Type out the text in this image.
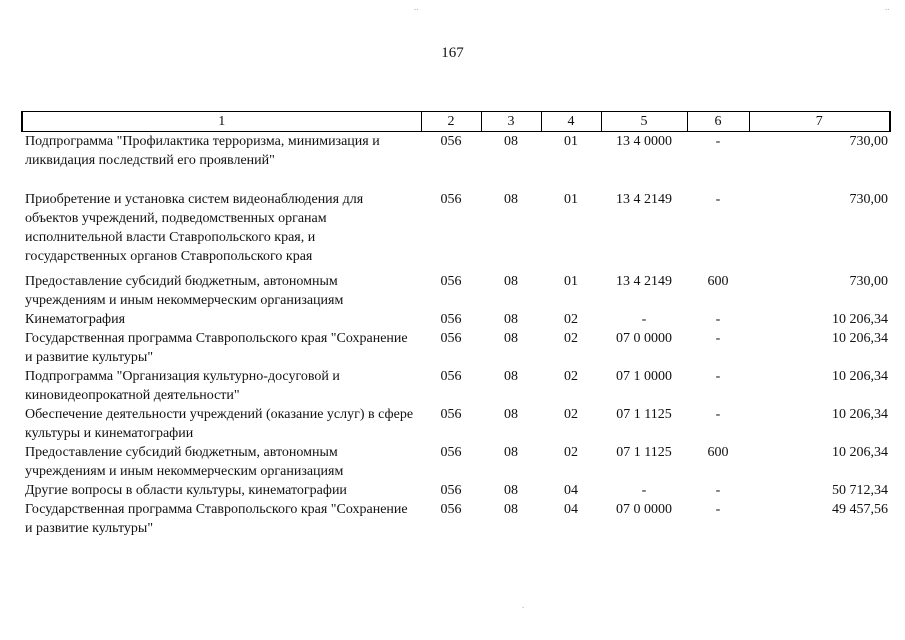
..	..
.
167
1	2	3	4	5	6	7
Подпрограмма "Профилактика терроризма, минимизация и ликвидация последствий его проявлений"	056	08	01	13 4 0000	-	730,00
Приобретение и установка систем видеонаблюдения для объектов учреждений, подведомственных органам исполнительной власти Ставропольского края, и государственных органов Ставропольского края	056	08	01	13 4 2149	-	730,00
Предоставление субсидий бюджетным, автономным учреждениям и иным некоммерческим организациям	056	08	01	13 4 2149	600	730,00
Кинематография	056	08	02	-	-	10 206,34
Государственная программа Ставропольского края "Сохранение и развитие культуры"	056	08	02	07 0 0000	-	10 206,34
Подпрограмма "Организация культурно-досуговой и киновидеопрокатной деятельности"	056	08	02	07 1 0000	-	10 206,34
Обеспечение деятельности учреждений (оказание услуг) в сфере культуры и кинематографии	056	08	02	07 1 1125	-	10 206,34
Предоставление субсидий бюджетным, автономным учреждениям и иным некоммерческим организациям	056	08	02	07 1 1125	600	10 206,34
Другие вопросы в области культуры, кинематографии	056	08	04	-	-	50 712,34
Государственная программа Ставропольского края "Сохранение и развитие культуры"	056	08	04	07 0 0000	-	49 457,56
